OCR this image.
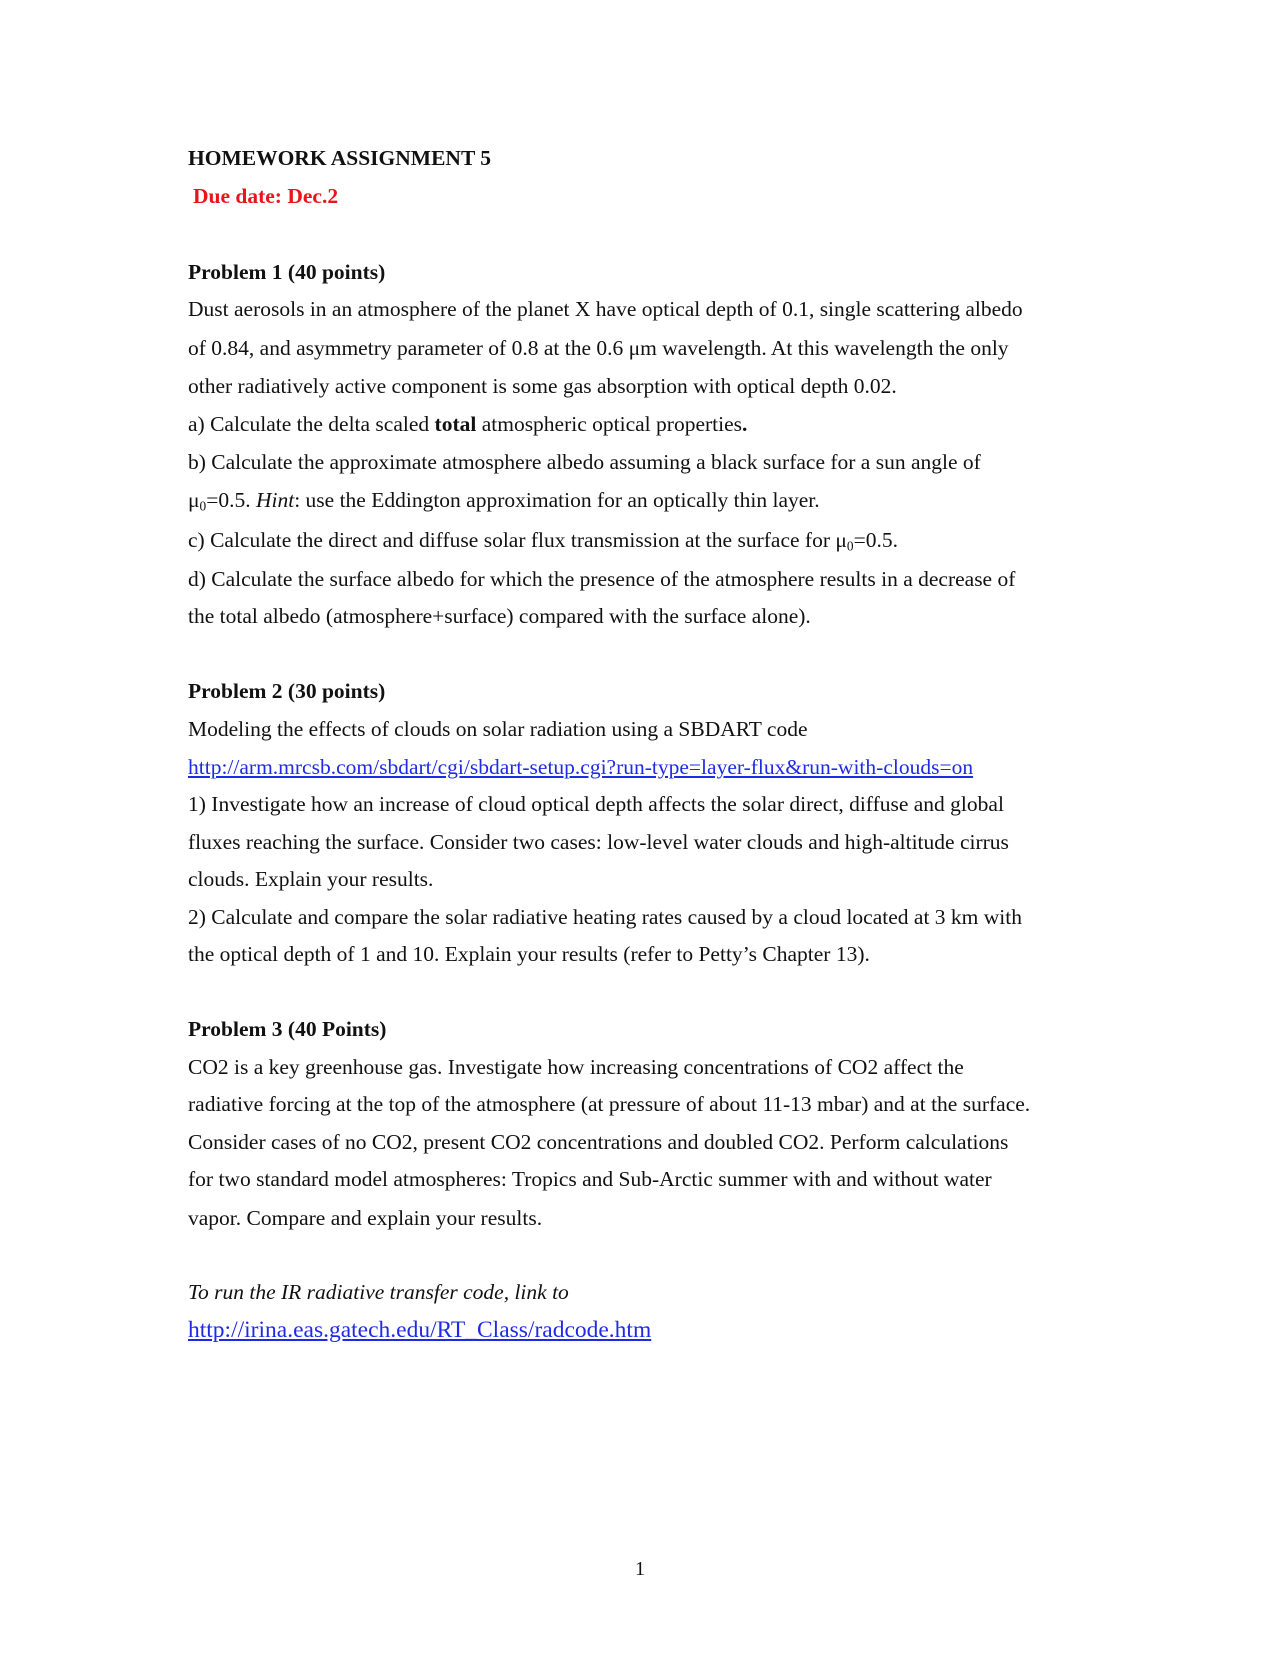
HOMEWORK ASSIGNMENT 5
Due date: Dec.2
Problem 1 (40 points)
Dust aerosols in an atmosphere of the planet X have optical depth of 0.1, single scattering albedo
of 0.84, and asymmetry parameter of 0.8 at the 0.6 μm wavelength. At this wavelength the only
other radiatively active component is some gas absorption with optical depth 0.02.
a) Calculate the delta scaled total atmospheric optical properties.
b) Calculate the approximate atmosphere albedo assuming a black surface for a sun angle of
$\mu_0=0.5$. Hint: use the Eddington approximation for an optically thin layer.
c) Calculate the direct and diffuse solar flux transmission at the surface for $\mu_0=0.5$.
d) Calculate the surface albedo for which the presence of the atmosphere results in a decrease of
the total albedo (atmosphere+surface) compared with the surface alone).
Problem 2 (30 points)
Modeling the effects of clouds on solar radiation using a SBDART code
http://arm.mrcsb.com/sbdart/cgi/sbdart-setup.cgi?run-type=layer-flux&run-with-clouds=on
1) Investigate how an increase of cloud optical depth affects the solar direct, diffuse and global
fluxes reaching the surface. Consider two cases: low-level water clouds and high-altitude cirrus
clouds. Explain your results.
2) Calculate and compare the solar radiative heating rates caused by a cloud located at 3 km with
the optical depth of 1 and 10. Explain your results (refer to Petty’s Chapter 13).
Problem 3 (40 Points)
CO2 is a key greenhouse gas. Investigate how increasing concentrations of CO2 affect the
radiative forcing at the top of the atmosphere (at pressure of about 11-13 mbar) and at the surface.
Consider cases of no CO2, present CO2 concentrations and doubled CO2. Perform calculations
for two standard model atmospheres: Tropics and Sub-Arctic summer with and without water
vapor. Compare and explain your results.
To run the IR radiative transfer code, link to
http://irina.eas.gatech.edu/RT_Class/radcode.htm
1
